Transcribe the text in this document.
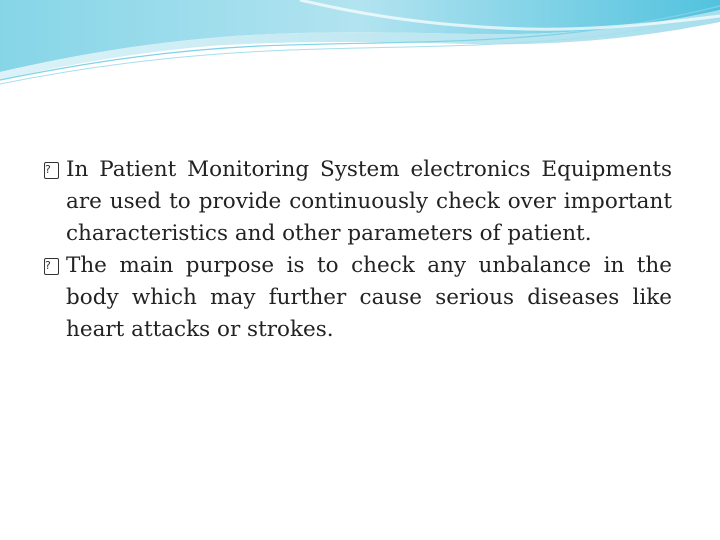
? In Patient Monitoring System electronics Equipments are used to provide continuously check over important characteristics and other parameters of patient.

? The main purpose is to check any unbalance in the body which may further cause serious diseases like heart attacks or strokes.
